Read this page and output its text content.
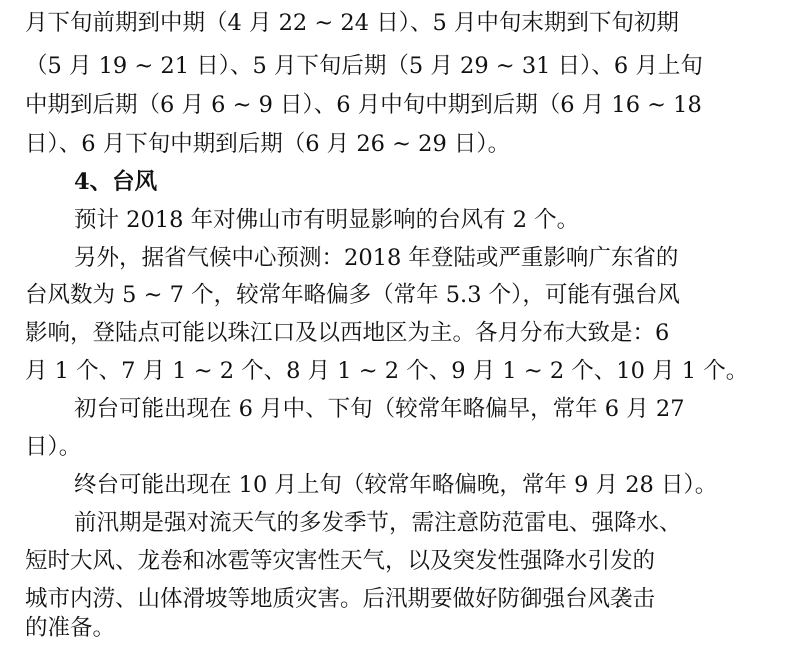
月下旬前期到中期（4 月 22 ~ 24 日）、5 月中旬末期到下旬初期
（5 月 19 ~ 21 日）、5 月下旬后期（5 月 29 ~ 31 日）、6 月上旬
中期到后期（6 月 6 ~ 9 日）、6 月中旬中期到后期（6 月 16 ~ 18
日）、6 月下旬中期到后期（6 月 26 ~ 29 日）。
4、台风
预计 2018 年对佛山市有明显影响的台风有 2 个。
另外，据省气候中心预测：2018 年登陆或严重影响广东省的
台风数为 5 ~ 7 个，较常年略偏多（常年 5.3 个），可能有强台风
影响，登陆点可能以珠江口及以西地区为主。各月分布大致是：6
月 1 个、7 月 1 ~ 2 个、8 月 1 ~ 2 个、9 月 1 ~ 2 个、10 月 1 个。
初台可能出现在 6 月中、下旬（较常年略偏早，常年 6 月 27
日）。
终台可能出现在 10 月上旬（较常年略偏晚，常年 9 月 28 日）。
前汛期是强对流天气的多发季节，需注意防范雷电、强降水、
短时大风、龙卷和冰雹等灾害性天气，以及突发性强降水引发的
城市内涝、山体滑坡等地质灾害。后汛期要做好防御强台风袭击
的准备。
